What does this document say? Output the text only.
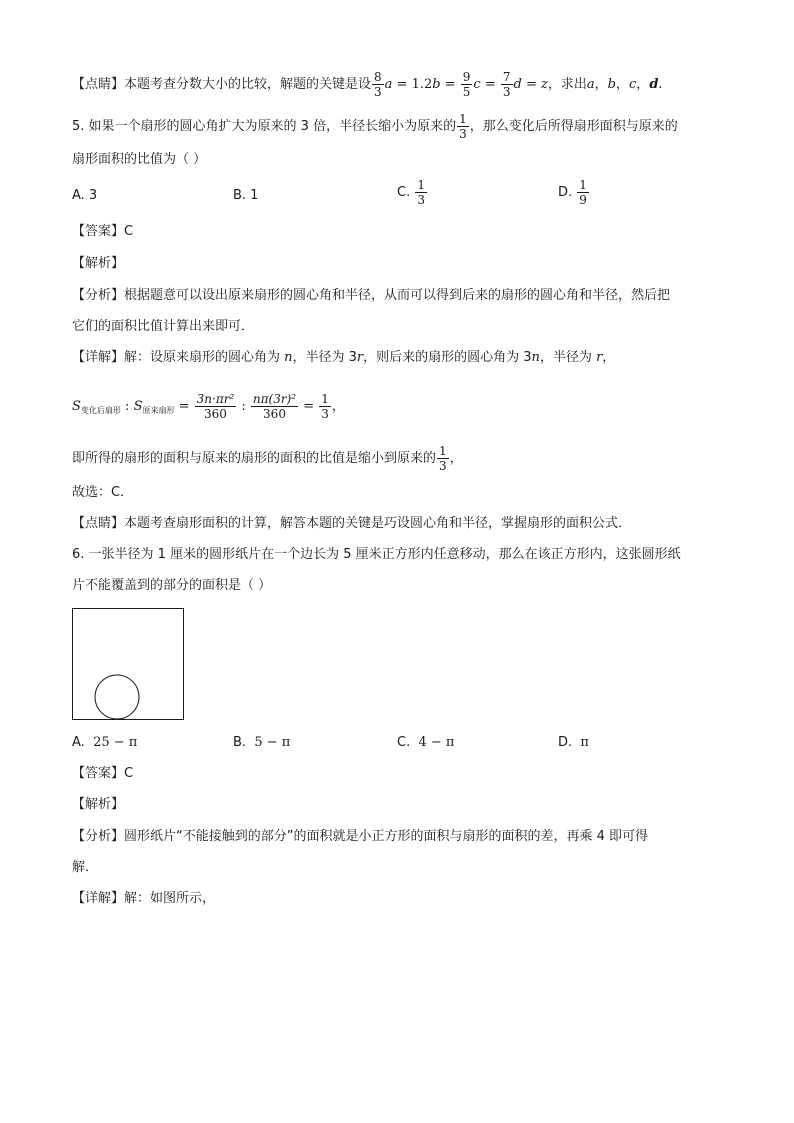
【点睛】本题考查分数大小的比较，解题的关键是设 $\frac{8}{3}$ $a = 1.2b = \frac{9}{5}$ $c = \frac{7}{3}$ d = z，求出a，b，c，d.
5. 如果一个扇形的圆心角扩大为原来的 3 倍，半径长缩小为原来的 $\frac{1}{3}$ ，那么变化后所得扇形面积与原来的
扇形面积的比值为（ ）
A. 3	B. 1	C. $\frac{1}{3}$	D. $\frac{1}{9}$
【答案】C
【解析】
【分析】根据题意可以设出原来扇形的圆心角和半径，从而可以得到后来的扇形的圆心角和半径，然后把
它们的面积比值计算出来即可．
【详解】解：设原来扇形的圆心角为 n，半径为 3r，则后来的扇形的圆心角为 3n，半径为 r，
$S_{变化后扇形}$ : $S_{原来扇形} = \frac{\text{3n·πr²}}{360}$ : $\frac{\text{nπ(3r)²}}{360} = \frac{1}{3}$ ，
即所得的扇形的面积与原来的扇形的面积的比值是缩小到原来的 $\frac{1}{3}$ ，
故选：C．
【点睛】本题考查扇形面积的计算，解答本题的关键是巧设圆心角和半径，掌握扇形的面积公式．
6. 一张半径为 1 厘米的圆形纸片在一个边长为 5 厘米正方形内任意移动，那么在该正方形内，这张圆形纸
片不能覆盖到的部分的面积是（ ）
A. 25 − π	B. 5 − π	C. 4 − π	D. π
【答案】C
【解析】
【分析】圆形纸片“不能接触到的部分”的面积就是小正方形的面积与扇形的面积的差，再乘 4 即可得
解．
【详解】解：如图所示，
